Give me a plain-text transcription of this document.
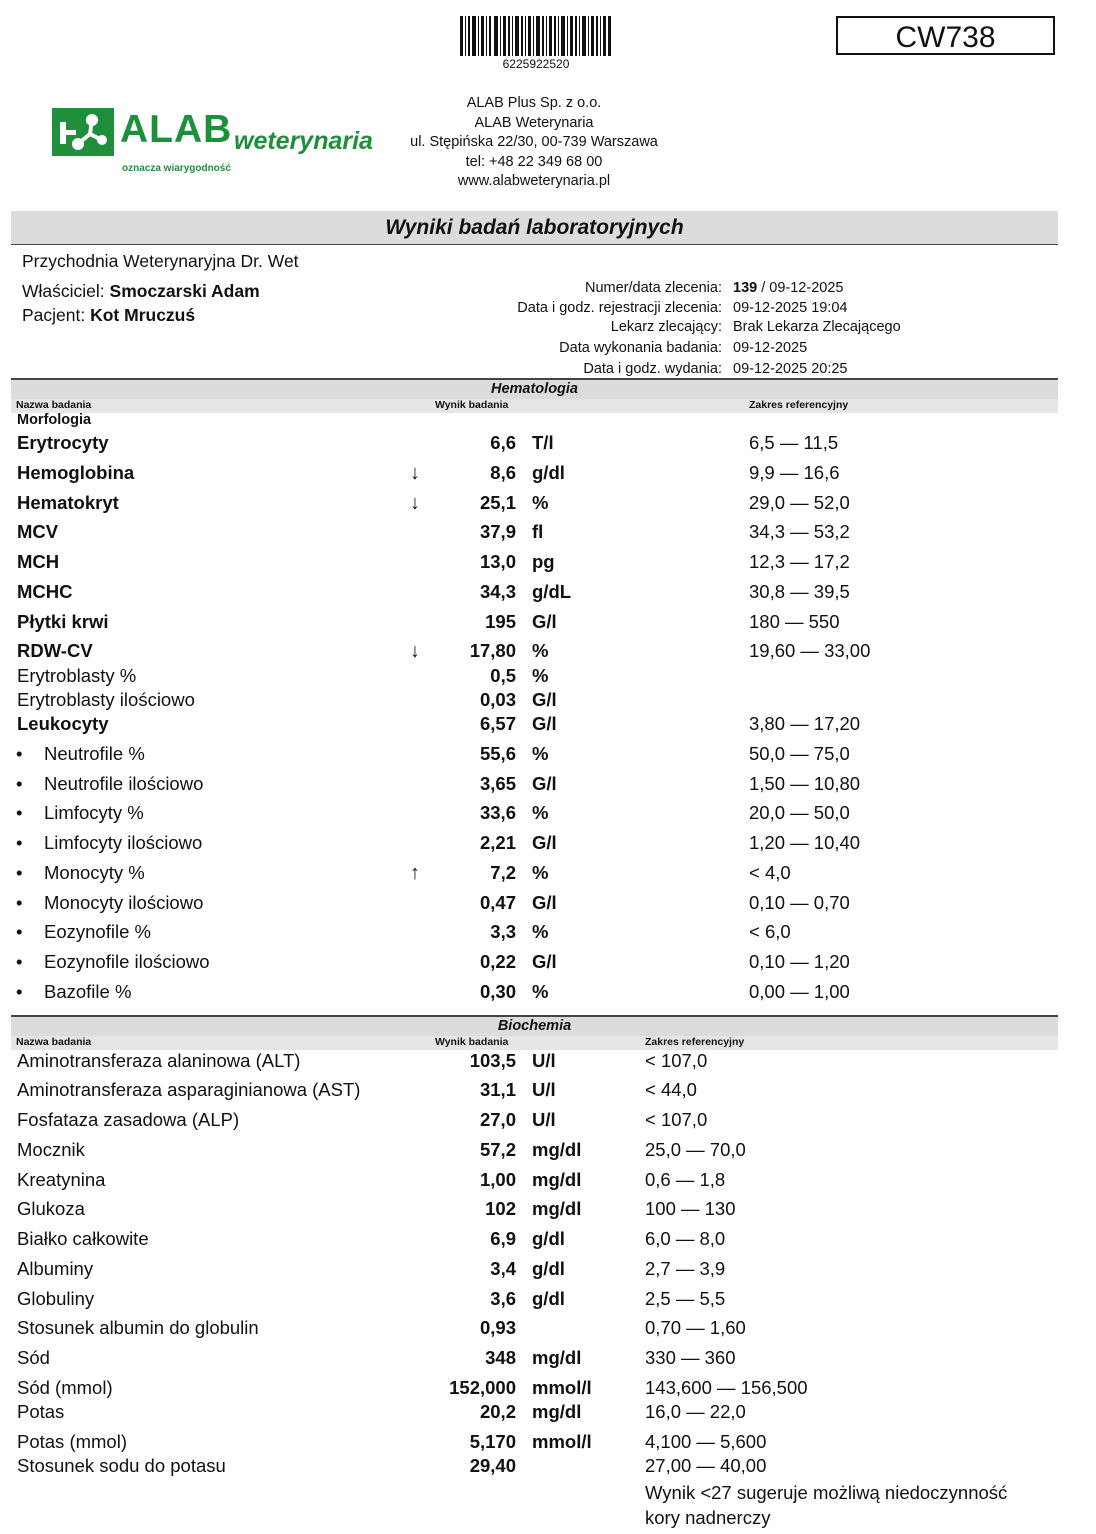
6225922520
CW738
ALAB weterynaria
oznacza wiarygodność
ALAB Plus Sp. z o.o.
ALAB Weterynaria
ul. Stępińska 22/30, 00-739 Warszawa
tel: +48 22 349 68 00
www.alabweterynaria.pl
Wyniki badań laboratoryjnych
Przychodnia Weterynaryjna Dr. Wet
Właściciel: Smoczarski Adam
Pacjent: Kot Mruczuś
Numer/data zlecenia: 139 / 09-12-2025
Data i godz. rejestracji zlecenia: 09-12-2025 19:04
Lekarz zlecający: Brak Lekarza Zlecającego
Data wykonania badania: 09-12-2025
Data i godz. wydania: 09-12-2025 20:25
Hematologia
Nazwa badania	Wynik badania	Zakres referencyjny
Morfologia
Erytrocyty	6,6 T/l	6,5 — 11,5
Hemoglobina	↓	8,6 g/dl	9,9 — 16,6
Hematokryt	↓	25,1 %	29,0 — 52,0
MCV	37,9 fl	34,3 — 53,2
MCH	13,0 pg	12,3 — 17,2
MCHC	34,3 g/dL	30,8 — 39,5
Płytki krwi	195 G/l	180 — 550
RDW-CV	↓	17,80 %	19,60 — 33,00
Erytroblasty %	0,5 %
Erytroblasty ilościowo	0,03 G/l
Leukocyty	6,57 G/l	3,80 — 17,20
• Neutrofile %	55,6 %	50,0 — 75,0
• Neutrofile ilościowo	3,65 G/l	1,50 — 10,80
• Limfocyty %	33,6 %	20,0 — 50,0
• Limfocyty ilościowo	2,21 G/l	1,20 — 10,40
• Monocyty %	↑	7,2 %	< 4,0
• Monocyty ilościowo	0,47 G/l	0,10 — 0,70
• Eozynofile %	3,3 %	< 6,0
• Eozynofile ilościowo	0,22 G/l	0,10 — 1,20
• Bazofile %	0,30 %	0,00 — 1,00
Biochemia
Nazwa badania	Wynik badania	Zakres referencyjny
Aminotransferaza alaninowa (ALT)	103,5 U/l	< 107,0
Aminotransferaza asparaginianowa (AST)	31,1 U/l	< 44,0
Fosfataza zasadowa (ALP)	27,0 U/l	< 107,0
Mocznik	57,2 mg/dl	25,0 — 70,0
Kreatynina	1,00 mg/dl	0,6 — 1,8
Glukoza	102 mg/dl	100 — 130
Białko całkowite	6,9 g/dl	6,0 — 8,0
Albuminy	3,4 g/dl	2,7 — 3,9
Globuliny	3,6 g/dl	2,5 — 5,5
Stosunek albumin do globulin	0,93	0,70 — 1,60
Sód	348 mg/dl	330 — 360
Sód (mmol)	152,000 mmol/l	143,600 — 156,500
Potas	20,2 mg/dl	16,0 — 22,0
Potas (mmol)	5,170 mmol/l	4,100 — 5,600
Stosunek sodu do potasu	29,40	27,00 — 40,00
Wynik <27 sugeruje możliwą niedoczynność
kory nadnerczy
